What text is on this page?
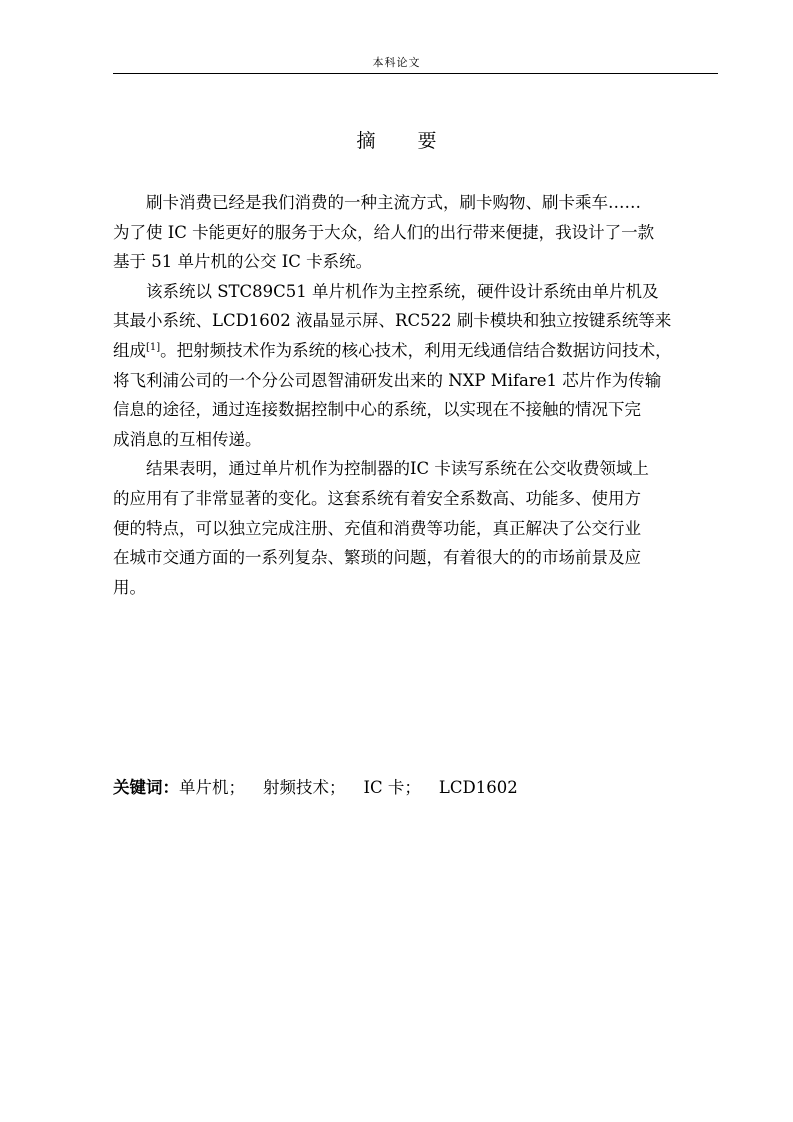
本科论文
摘 要

刷卡消费已经是我们消费的一种主流方式，刷卡购物、刷卡乘车……
为了使 IC 卡能更好的服务于大众，给人们的出行带来便捷，我设计了一款
基于 51 单片机的公交 IC 卡系统。

该系统以 STC89C51 单片机作为主控系统，硬件设计系统由单片机及
其最小系统、LCD1602 液晶显示屏、RC522 刷卡模块和独立按键系统等来
组成[1]。把射频技术作为系统的核心技术，利用无线通信结合数据访问技术，
将飞利浦公司的一个分公司恩智浦研发出来的 NXP Mifare1 芯片作为传输
信息的途径，通过连接数据控制中心的系统，以实现在不接触的情况下完
成消息的互相传递。

结果表明，通过单片机作为控制器的IC 卡读写系统在公交收费领域上
的应用有了非常显著的变化。这套系统有着安全系数高、功能多、使用方
便的特点，可以独立完成注册、充值和消费等功能，真正解决了公交行业
在城市交通方面的一系列复杂、繁琐的问题，有着很大的的市场前景及应
用。

关键词：单片机； 射频技术； IC 卡； LCD1602
